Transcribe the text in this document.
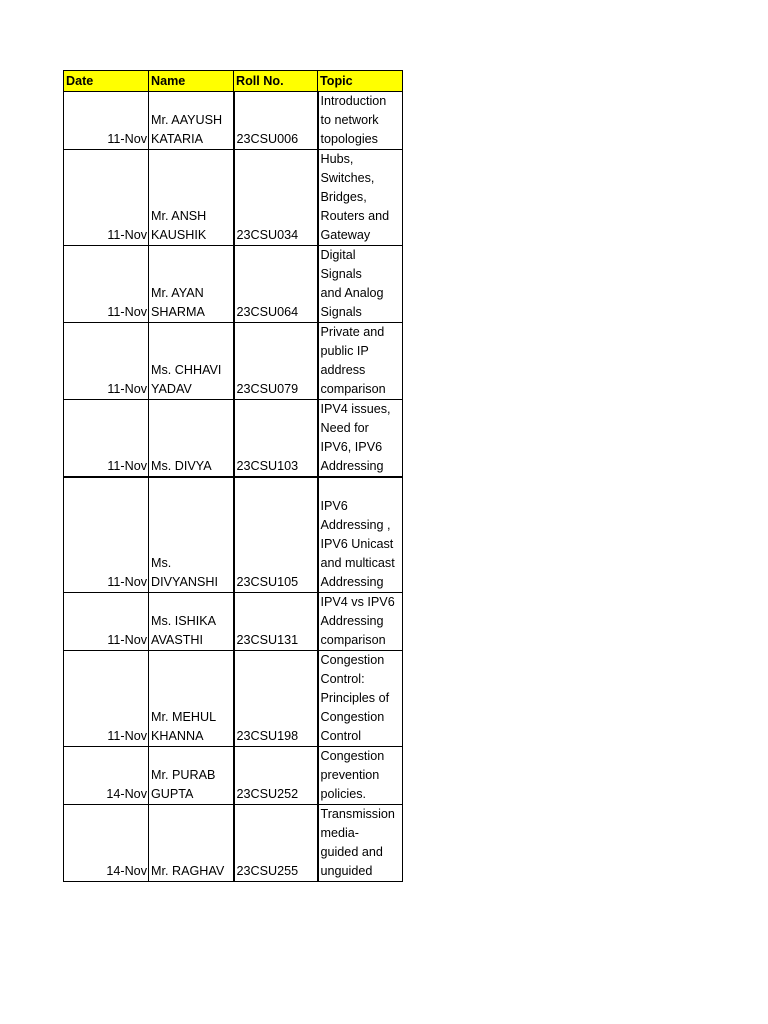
Date	Name	Roll No.	Topic
11-Nov	Mr. AAYUSH
KATARIA	23CSU006	Introduction
to network
topologies

11-Nov	Mr. ANSH
KAUSHIK	23CSU034	Hubs,
Switches,
Bridges,
Routers and
Gateway

11-Nov	Mr. AYAN
SHARMA	23CSU064	Digital Signals
and Analog
Signals

11-Nov	Ms. CHHAVI
YADAV	23CSU079	Private and
public IP
address
comparison

11-Nov	Ms. DIVYA	23CSU103	IPV4 issues,
Need for
IPV6, IPV6
Addressing

11-Nov	Ms.
DIVYANSHI	23CSU105	IPV6
Addressing ,
IPV6 Unicast
and multicast
Addressing

11-Nov	Ms. ISHIKA
AVASTHI	23CSU131	IPV4 vs IPV6
Addressing
comparison

11-Nov	Mr. MEHUL
KHANNA	23CSU198	Congestion
Control:
Principles of
Congestion
Control

14-Nov	Mr. PURAB
GUPTA	23CSU252	Congestion
prevention
policies.

14-Nov	Mr. RAGHAV	23CSU255	Transmission
media-
guided and
unguided
